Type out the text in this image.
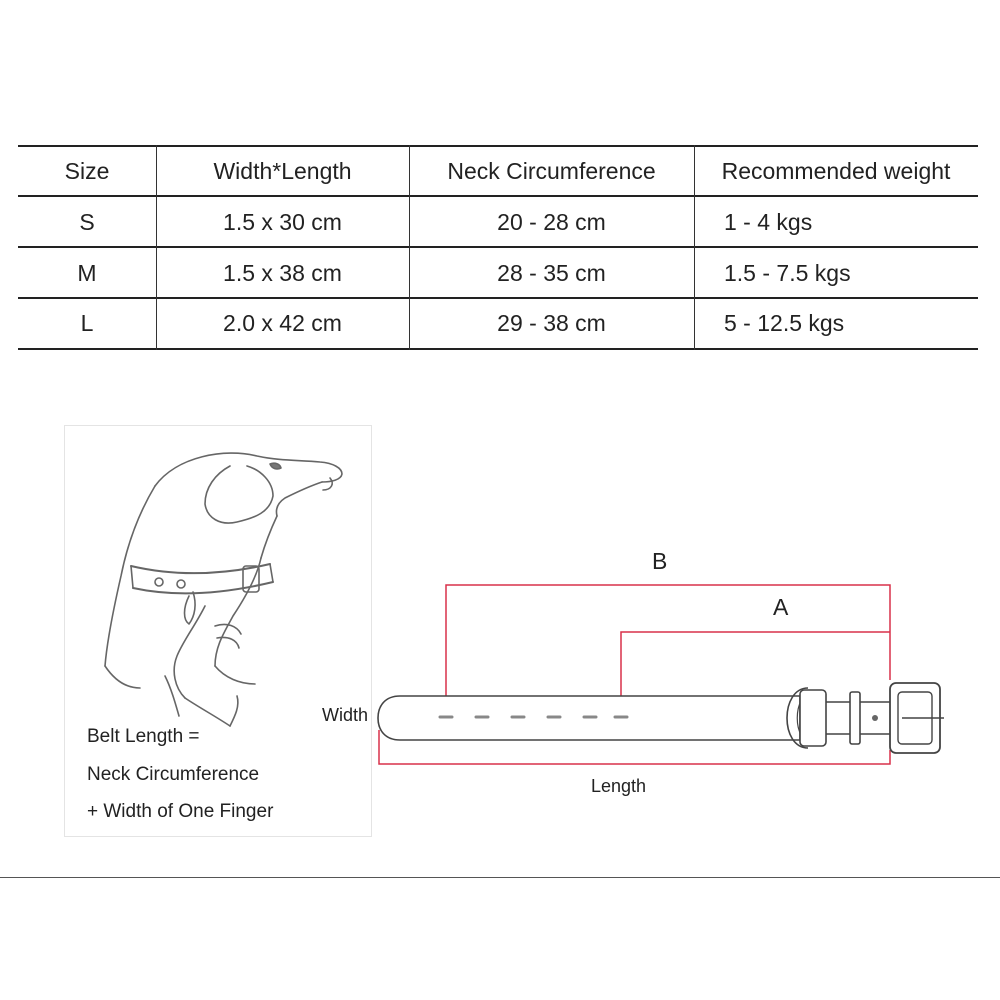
Size	Width*Length	Neck Circumference	Recommended weight
S	1.5 x 30 cm	20 - 28 cm	1 - 4 kgs
M	1.5 x 38 cm	28 - 35 cm	1.5 - 7.5 kgs
L	2.0 x 42 cm	29 - 38 cm	5 - 12.5 kgs
Belt Length =
Neck Circumference
+ Width of One Finger
B
A
Width
Length
